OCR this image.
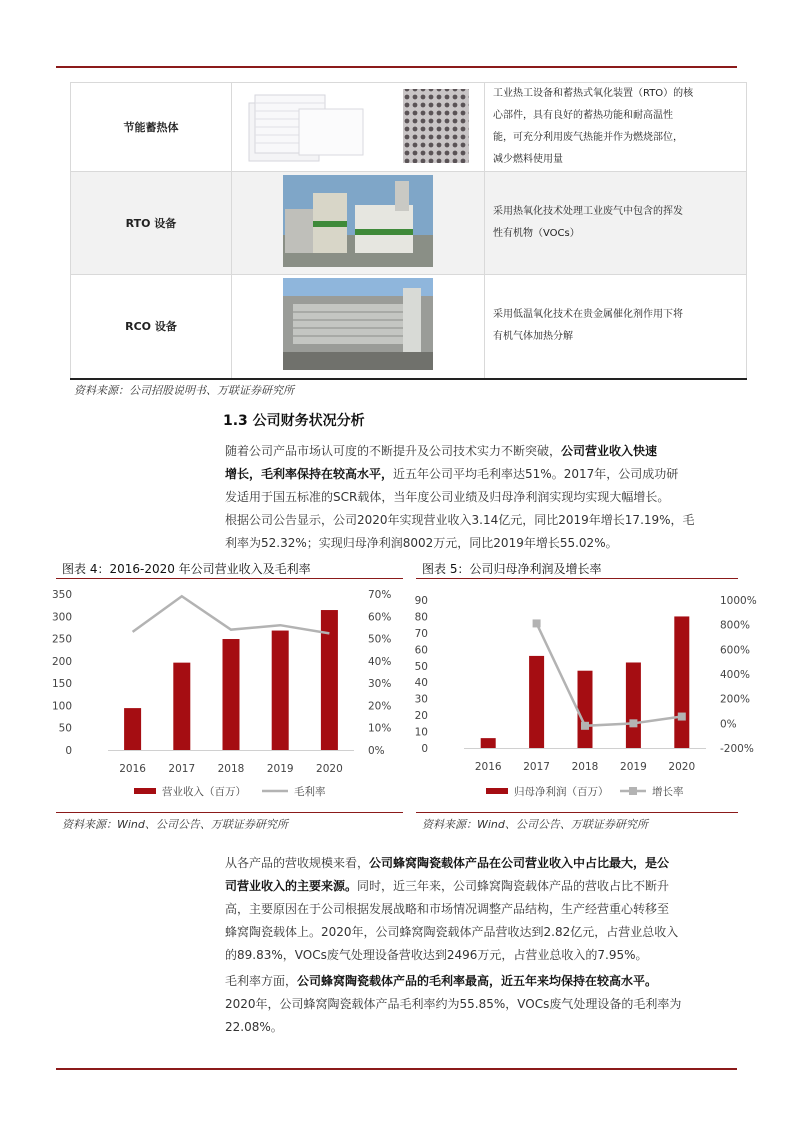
节能蓄热体		工业热工设备和蓄热式氧化装置（RTO）的核
心部件，具有良好的蓄热功能和耐高温性
能，可充分利用废气热能并作为燃烧部位，
减少燃料使用量

RTO 设备		采用热氧化技术处理工业废气中包含的挥发
性有机物（VOCs）

RCO 设备		采用低温氧化技术在贵金属催化剂作用下将
有机气体加热分解
资料来源：公司招股说明书、万联证券研究所
1.3 公司财务状况分析
随着公司产品市场认可度的不断提升及公司技术实力不断突破，公司营业收入快速
增长，毛利率保持在较高水平，近五年公司平均毛利率达51%。2017年，公司成功研
发适用于国五标准的SCR载体，当年度公司业绩及归母净利润实现均实现大幅增长。
根据公司公告显示，公司2020年实现营业收入3.14亿元，同比2019年增长17.19%，毛
利率为52.32%；实现归母净利润8002万元，同比2019年增长55.02%。
图表 4：2016-2020 年公司营业收入及毛利率	图表 5：公司归母净利润及增长率
0
50
100
150
200
250
300
350
0%
10%
20%
30%
40%
50%
60%
70%
2016 2017 2018 2019 2020
营业收入（百万）	毛利率
0
10
20
30
40
50
60
70
80
90
-200%
0%
200%
400%
600%
800%
1000%
2016 2017 2018 2019 2020
归母净利润（百万）	增长率
资料来源：Wind、公司公告、万联证券研究所	资料来源：Wind、公司公告、万联证券研究所
从各产品的营收规模来看，公司蜂窝陶瓷载体产品在公司营业收入中占比最大，是公
司营业收入的主要来源。同时，近三年来，公司蜂窝陶瓷载体产品的营收占比不断升
高，主要原因在于公司根据发展战略和市场情况调整产品结构，生产经营重心转移至
蜂窝陶瓷载体上。2020年，公司蜂窝陶瓷载体产品营收达到2.82亿元，占营业总收入
的89.83%，VOCs废气处理设备营收达到2496万元，占营业总收入的7.95%。
毛利率方面，公司蜂窝陶瓷载体产品的毛利率最高，近五年来均保持在较高水平。
2020年，公司蜂窝陶瓷载体产品毛利率约为55.85%，VOCs废气处理设备的毛利率为
22.08%。
